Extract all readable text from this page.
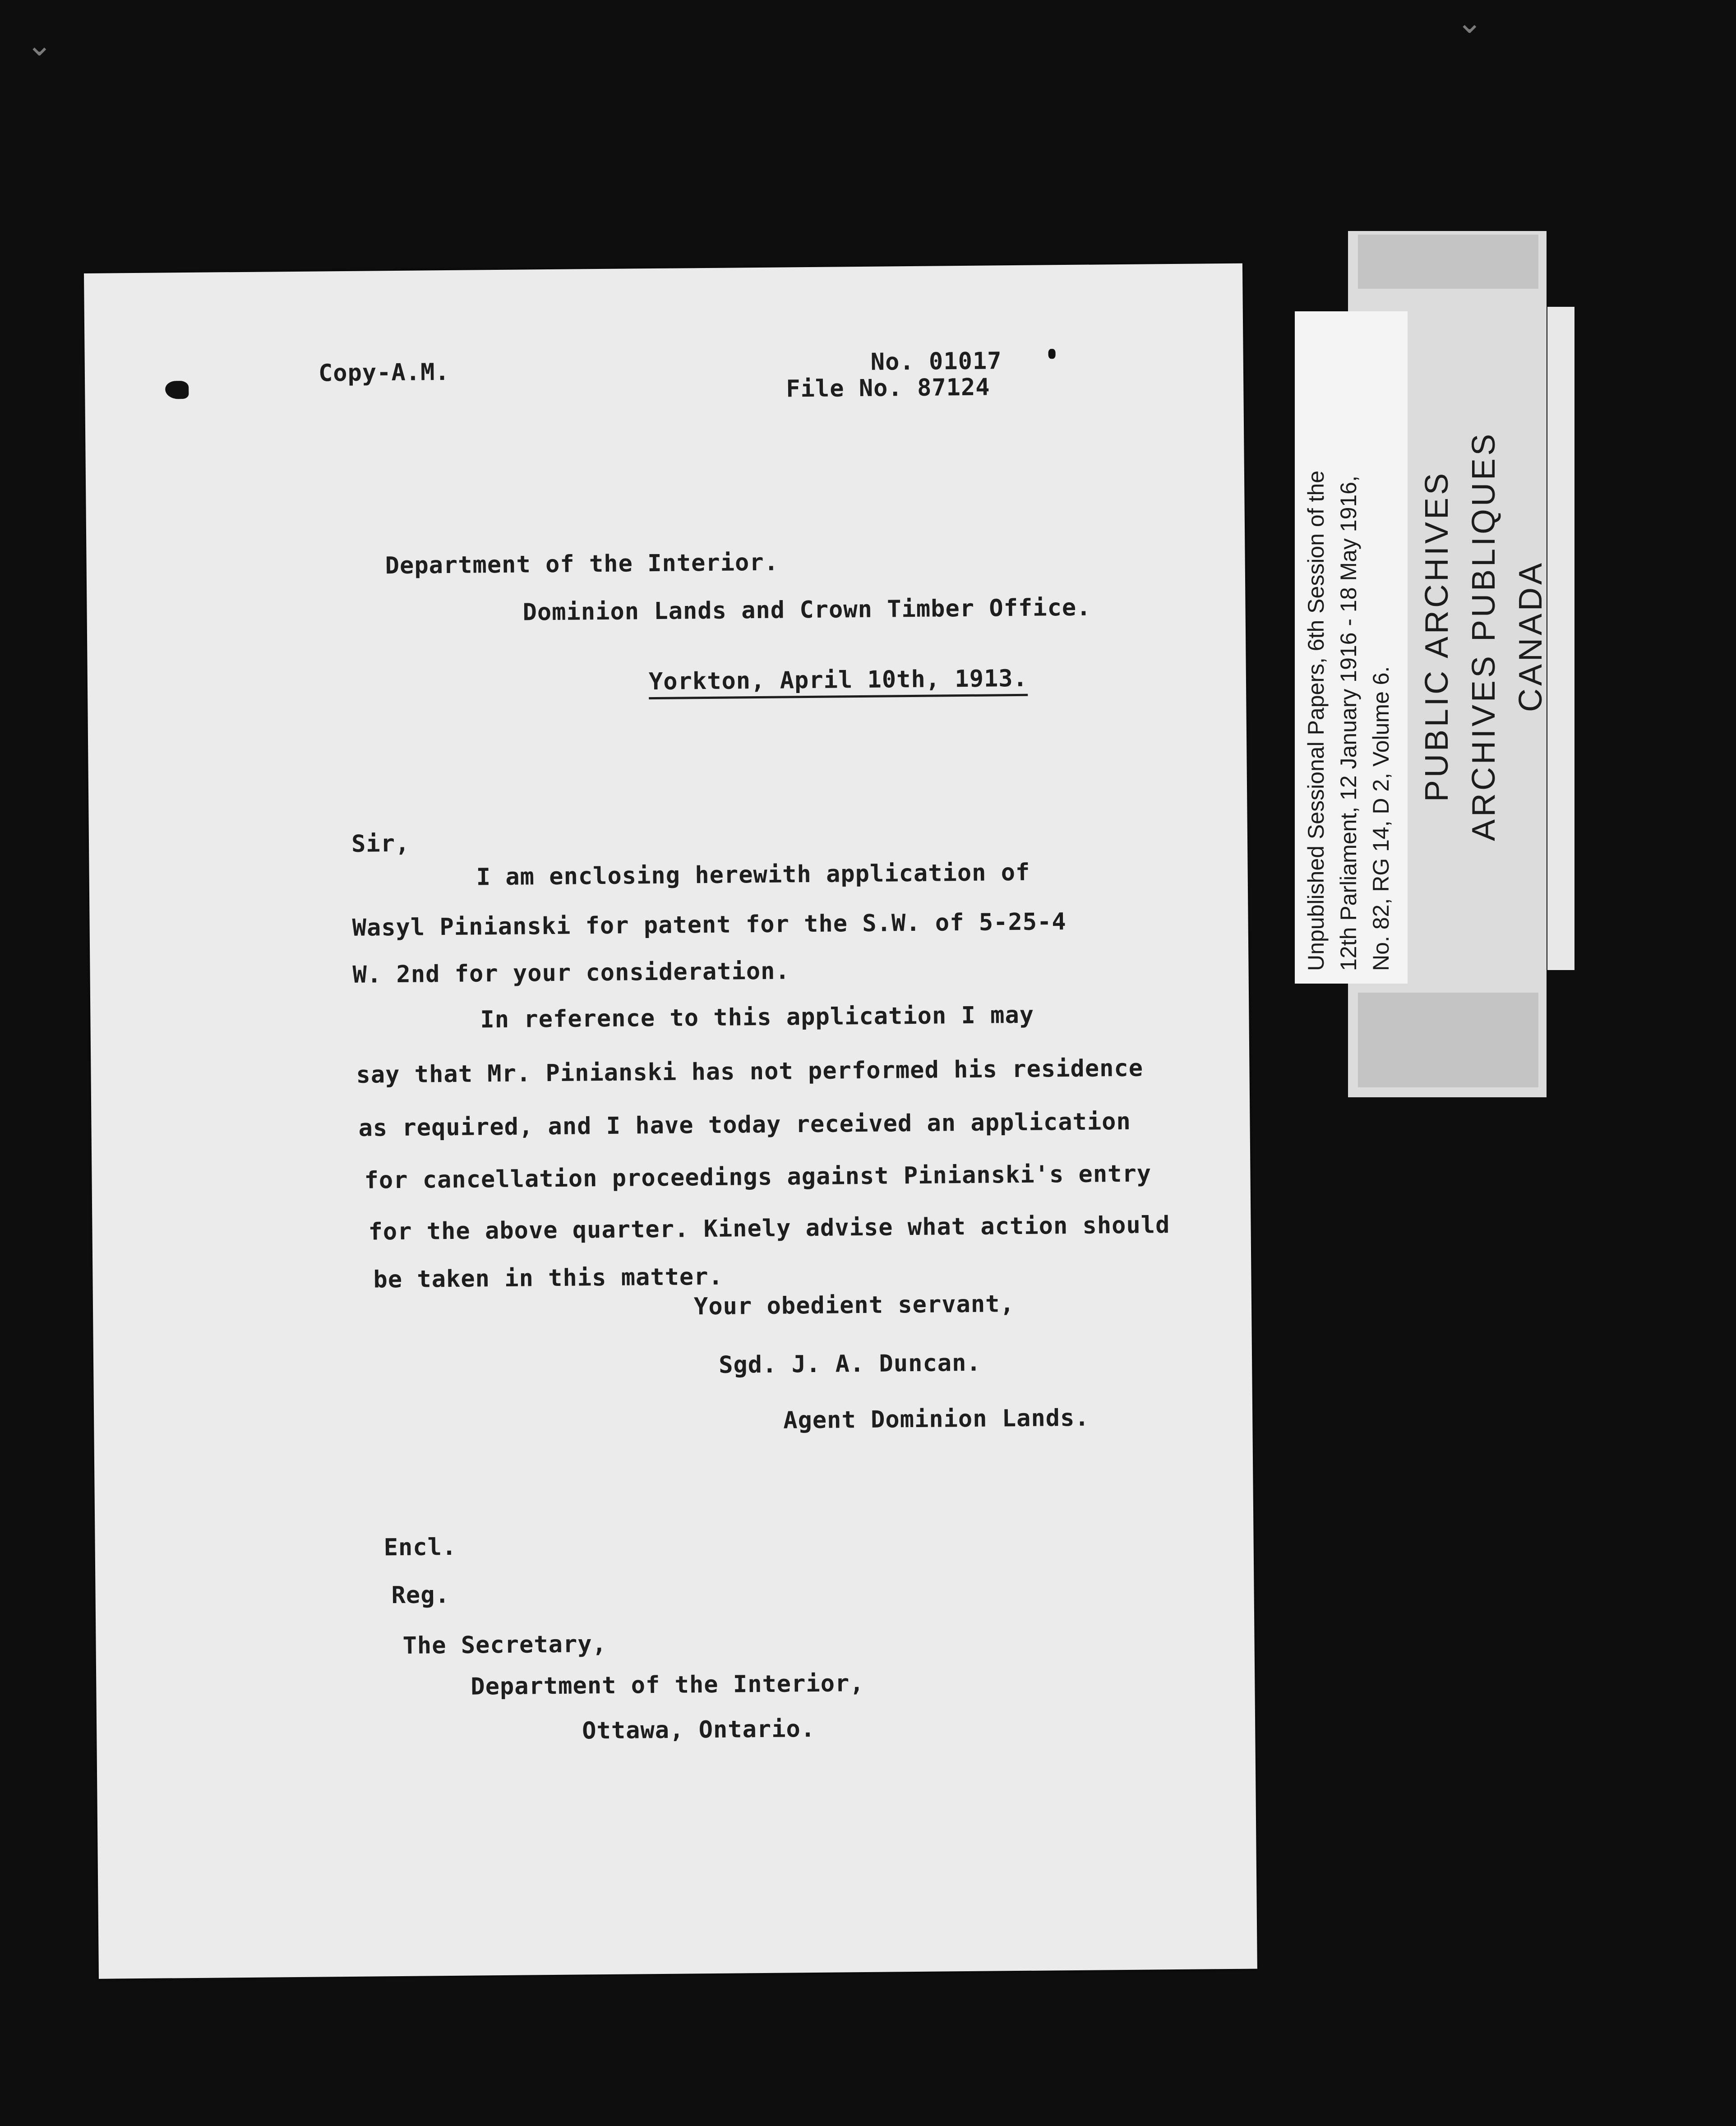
⌄
⌄
Copy-A.M.	No. 01017
File No. 87124
Department of the Interior.
Dominion Lands and Crown Timber Office.
Yorkton, April 10th, 1913.
Sir,
I am enclosing herewith application of
Wasyl Pinianski for patent for the S.W. of 5-25-4
W. 2nd for your consideration.
In reference to this application I may
say that Mr. Pinianski has not performed his residence
as required, and I have today received an application
for cancellation proceedings against Pinianski's entry
for the above quarter. Kinely advise what action should
be taken in this matter.
Your obedient servant,
Sgd. J. A. Duncan.
Agent Dominion Lands.
Encl.
Reg.
The Secretary,
Department of the Interior,
Ottawa, Ontario.
Unpublished Sessional Papers, 6th Session of the 12th Parliament, 12 January 1916 - 18 May 1916, No. 82, RG 14, D 2, Volume 6.
PUBLIC ARCHIVES ARCHIVES PUBLIQUES CANADA
